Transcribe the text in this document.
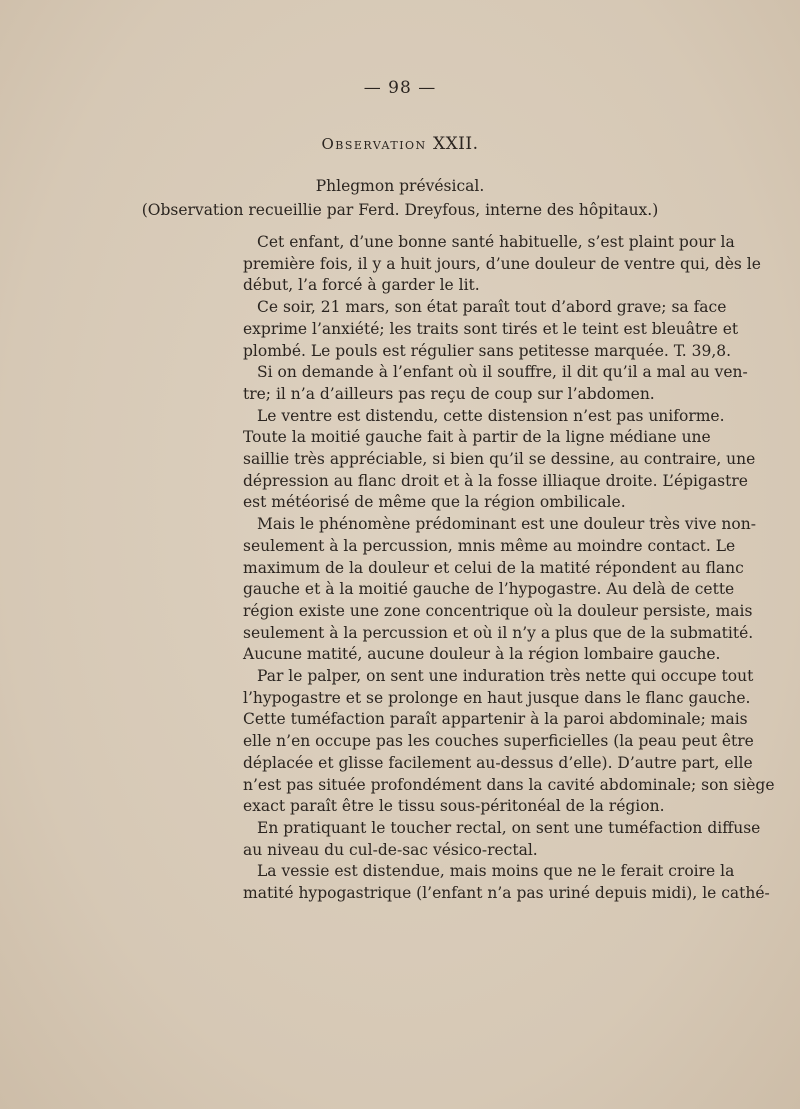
— 98 —
Observation XXII.
Phlegmon prévésical.
(Observation recueillie par Ferd. Dreyfous, interne des hôpitaux.)
Cet enfant, d’une bonne santé habituelle, s’est plaint pour la
première fois, il y a huit jours, d’une douleur de ventre qui, dès le
début, l’a forcé à garder le lit.
Ce soir, 21 mars, son état paraît tout d’abord grave; sa face
exprime l’anxiété; les traits sont tirés et le teint est bleuâtre et
plombé. Le pouls est régulier sans petitesse marquée. T. 39,8.
Si on demande à l’enfant où il souffre, il dit qu’il a mal au ven-
tre; il n’a d’ailleurs pas reçu de coup sur l’abdomen.
Le ventre est distendu, cette distension n’est pas uniforme.
Toute la moitié gauche fait à partir de la ligne médiane une
saillie très appréciable, si bien qu’il se dessine, au contraire, une
dépression au flanc droit et à la fosse illiaque droite. L’épigastre
est météorisé de même que la région ombilicale.
Mais le phénomène prédominant est une douleur très vive non-
seulement à la percussion, mnis même au moindre contact. Le
maximum de la douleur et celui de la matité répondent au flanc
gauche et à la moitié gauche de l’hypogastre. Au delà de cette
région existe une zone concentrique où la douleur persiste, mais
seulement à la percussion et où il n’y a plus que de la submatité.
Aucune matité, aucune douleur à la région lombaire gauche.
Par le palper, on sent une induration très nette qui occupe tout
l’hypogastre et se prolonge en haut jusque dans le flanc gauche.
Cette tuméfaction paraît appartenir à la paroi abdominale; mais
elle n’en occupe pas les couches superficielles (la peau peut être
déplacée et glisse facilement au-dessus d’elle). D’autre part, elle
n’est pas située profondément dans la cavité abdominale; son siège
exact paraît être le tissu sous-péritonéal de la région.
En pratiquant le toucher rectal, on sent une tuméfaction diffuse
au niveau du cul-de-sac vésico-rectal.
La vessie est distendue, mais moins que ne le ferait croire la
matité hypogastrique (l’enfant n’a pas uriné depuis midi), le cathé-
